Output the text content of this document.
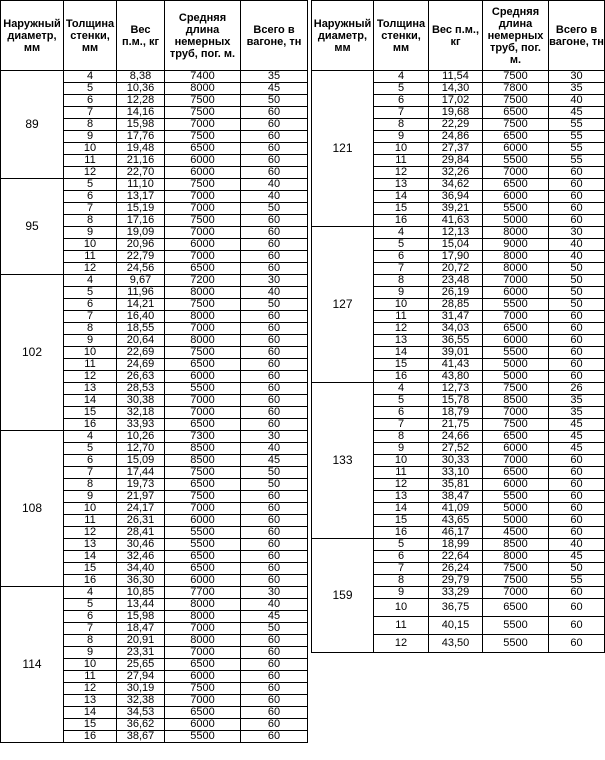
Наружный диаметр, мм	Толщина стенки, мм	Вес п.м., кг	Средняя длина немерных труб, пог. м.	Всего в вагоне, тн
89	4	8,38	7400	35
	5	10,36	8000	45
	6	12,28	7500	50
	7	14,16	7500	60
	8	15,98	7000	60
	9	17,76	7500	60
	10	19,48	6500	60
	11	21,16	6000	60
	12	22,70	6000	60
95	5	11,10	7500	40
	6	13,17	7000	40
	7	15,19	7000	50
	8	17,16	7500	60
	9	19,09	7000	60
	10	20,96	6000	60
	11	22,79	7000	60
	12	24,56	6500	60
102	4	9,67	7200	30
	5	11,96	8000	40
	6	14,21	7500	50
	7	16,40	8000	60
	8	18,55	7000	60
	9	20,64	8000	60
	10	22,69	7500	60
	11	24,69	6500	60
	12	26,63	6000	60
	13	28,53	5500	60
	14	30,38	7000	60
	15	32,18	7000	60
	16	33,93	6500	60
108	4	10,26	7300	30
	5	12,70	8500	40
	6	15,09	8500	45
	7	17,44	7500	50
	8	19,73	6500	50
	9	21,97	7500	60
	10	24,17	7000	60
	11	26,31	6000	60
	12	28,41	5500	60
	13	30,46	5500	60
	14	32,46	6500	60
	15	34,40	6500	60
	16	36,30	6000	60
114	4	10,85	7700	30
	5	13,44	8000	40
	6	15,98	8000	45
	7	18,47	7000	50
	8	20,91	8000	60
	9	23,31	7000	60
	10	25,65	6500	60
	11	27,94	6000	60
	12	30,19	7500	60
	13	32,38	7000	60
	14	34,53	6500	60
	15	36,62	6000	60
	16	38,67	5500	60
Наружный диаметр, мм	Толщина стенки, мм	Вес п.м., кг	Средняя длина немерных труб, пог. м.	Всего в вагоне, тн
121	4	11,54	7500	30
	5	14,30	7800	35
	6	17,02	7500	40
	7	19,68	6500	45
	8	22,29	7500	55
	9	24,86	6500	55
	10	27,37	6000	55
	11	29,84	5500	55
	12	32,26	7000	60
	13	34,62	6500	60
	14	36,94	6000	60
	15	39,21	5500	60
	16	41,63	5000	60
127	4	12,13	8000	30
	5	15,04	9000	40
	6	17,90	8000	40
	7	20,72	8000	50
	8	23,48	7000	50
	9	26,19	6000	50
	10	28,85	5500	50
	11	31,47	7000	60
	12	34,03	6500	60
	13	36,55	6000	60
	14	39,01	5500	60
	15	41,43	5000	60
	16	43,80	5000	60
133	4	12,73	7500	26
	5	15,78	8500	35
	6	18,79	7000	35
	7	21,75	7500	45
	8	24,66	6500	45
	9	27,52	6000	45
	10	30,33	7000	60
	11	33,10	6500	60
	12	35,81	6000	60
	13	38,47	5500	60
	14	41,09	5000	60
	15	43,65	5000	60
	16	46,17	4500	60
159	5	18,99	8500	40
	6	22,64	8000	45
	7	26,24	7500	50
	8	29,79	7500	55
	9	33,29	7000	60
	10	36,75	6500	60
	11	40,15	5500	60
	12	43,50	5500	60
